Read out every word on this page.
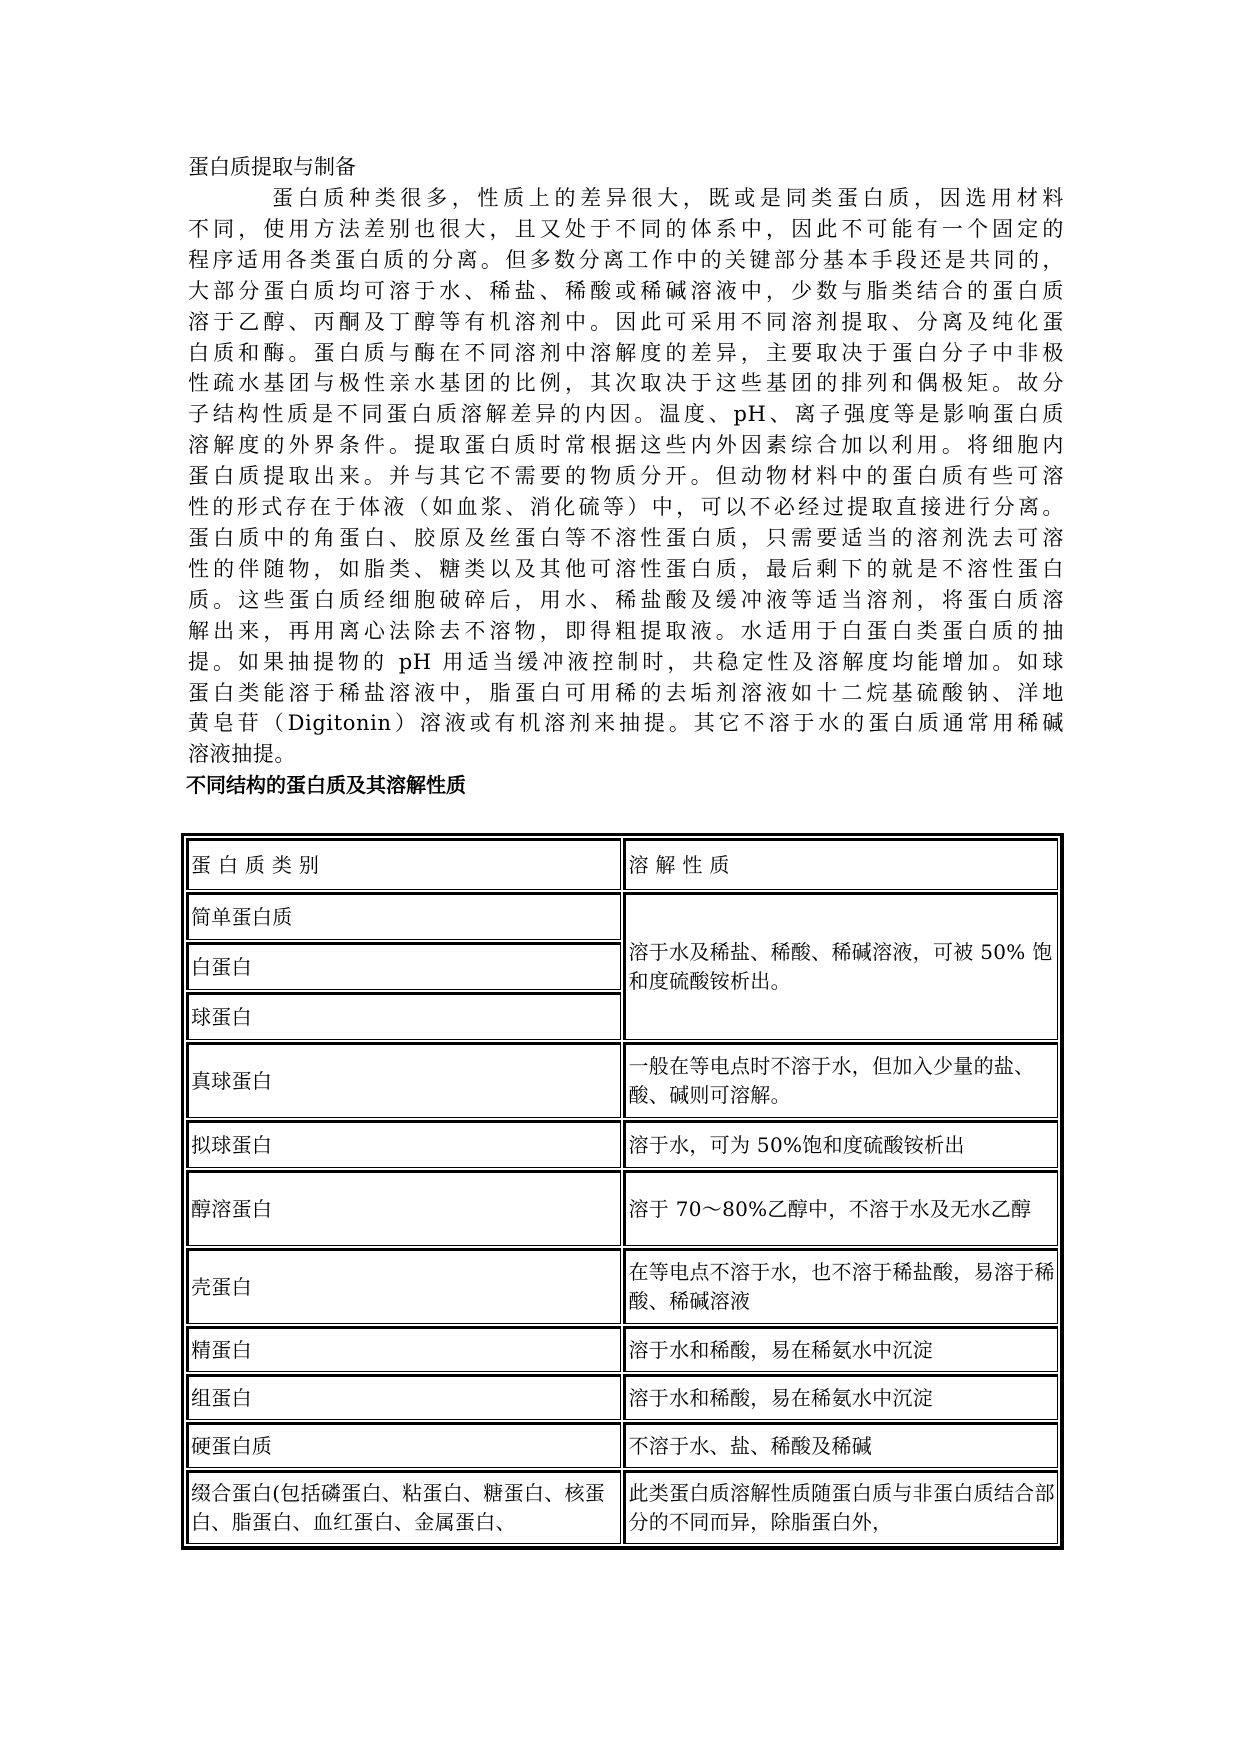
蛋白质提取与制备
蛋白质种类很多，性质上的差异很大，既或是同类蛋白质，因选用材料
不同，使用方法差别也很大，且又处于不同的体系中，因此不可能有一个固定的
程序适用各类蛋白质的分离。但多数分离工作中的关键部分基本手段还是共同的，
大部分蛋白质均可溶于水、稀盐、稀酸或稀碱溶液中，少数与脂类结合的蛋白质
溶于乙醇、丙酮及丁醇等有机溶剂中。因此可采用不同溶剂提取、分离及纯化蛋
白质和酶。蛋白质与酶在不同溶剂中溶解度的差异，主要取决于蛋白分子中非极
性疏水基团与极性亲水基团的比例，其次取决于这些基团的排列和偶极矩。故分
子结构性质是不同蛋白质溶解差异的内因。温度、pH、离子强度等是影响蛋白质
溶解度的外界条件。提取蛋白质时常根据这些内外因素综合加以利用。将细胞内
蛋白质提取出来。并与其它不需要的物质分开。但动物材料中的蛋白质有些可溶
性的形式存在于体液（如血浆、消化硫等）中，可以不必经过提取直接进行分离。
蛋白质中的角蛋白、胶原及丝蛋白等不溶性蛋白质，只需要适当的溶剂洗去可溶
性的伴随物，如脂类、糖类以及其他可溶性蛋白质，最后剩下的就是不溶性蛋白
质。这些蛋白质经细胞破碎后，用水、稀盐酸及缓冲液等适当溶剂，将蛋白质溶
解出来，再用离心法除去不溶物，即得粗提取液。水适用于白蛋白类蛋白质的抽
提。如果抽提物的 pH 用适当缓冲液控制时，共稳定性及溶解度均能增加。如球
蛋白类能溶于稀盐溶液中，脂蛋白可用稀的去垢剂溶液如十二烷基硫酸钠、洋地
黄皂苷（Digitonin）溶液或有机溶剂来抽提。其它不溶于水的蛋白质通常用稀碱
溶液抽提。
不同结构的蛋白质及其溶解性质
蛋 白 质 类 别	溶 解 性 质
简单蛋白质	溶于水及稀盐、稀酸、稀碱溶液，可被 50% 饱和度硫酸铵析出。
白蛋白	
球蛋白	
真球蛋白	一般在等电点时不溶于水，但加入少量的盐、酸、碱则可溶解。
拟球蛋白	溶于水，可为 50%饱和度硫酸铵析出
醇溶蛋白	溶于 70～80%乙醇中，不溶于水及无水乙醇
壳蛋白	在等电点不溶于水，也不溶于稀盐酸，易溶于稀酸、稀碱溶液
精蛋白	溶于水和稀酸，易在稀氨水中沉淀
组蛋白	溶于水和稀酸，易在稀氨水中沉淀
硬蛋白质	不溶于水、盐、稀酸及稀碱
缀合蛋白(包括磷蛋白、粘蛋白、糖蛋白、核蛋白、脂蛋白、血红蛋白、金属蛋白、	此类蛋白质溶解性质随蛋白质与非蛋白质结合部分的不同而异，除脂蛋白外，
